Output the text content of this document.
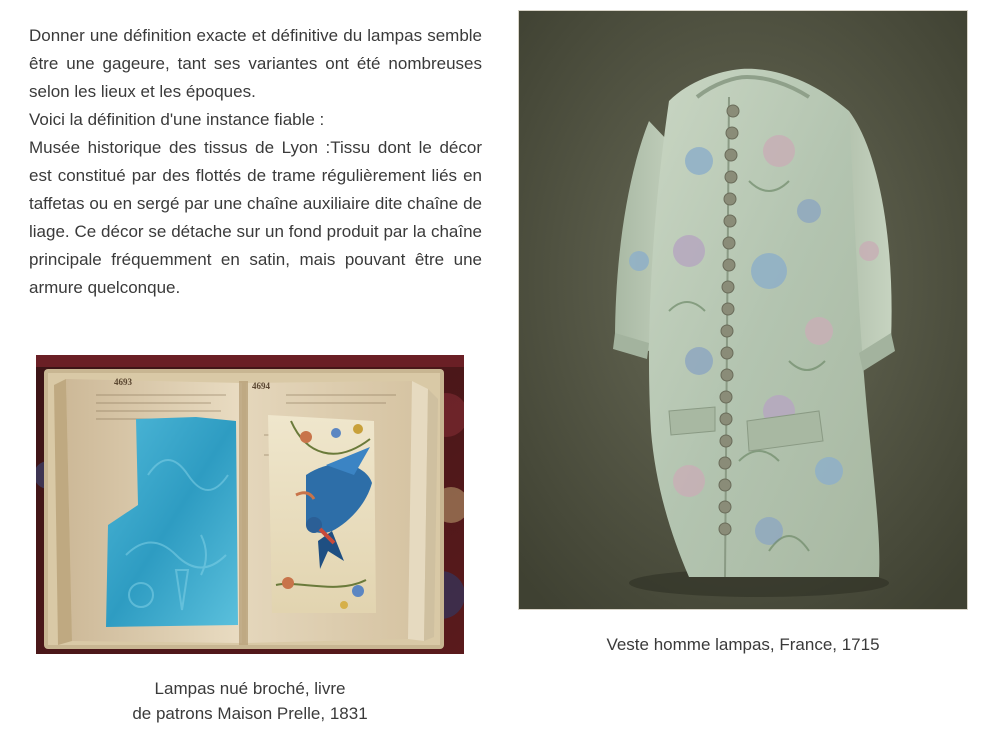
Donner une définition exacte et définitive du lampas semble être une gageure, tant ses variantes ont été nombreuses selon les lieux et les époques.

Voici la définition d'une instance fiable :

Musée historique des tissus de Lyon :Tissu dont le décor est constitué par des flottés de trame régulièrement liés en taffetas ou en sergé par une chaîne auxiliaire dite chaîne de liage. Ce décor se détache sur un fond produit par la chaîne principale fréquemment en satin, mais pouvant être une armure quelconque.

4693	4694
Lampas nué broché, livre
de patrons Maison Prelle, 1831
Veste homme lampas, France, 1715
